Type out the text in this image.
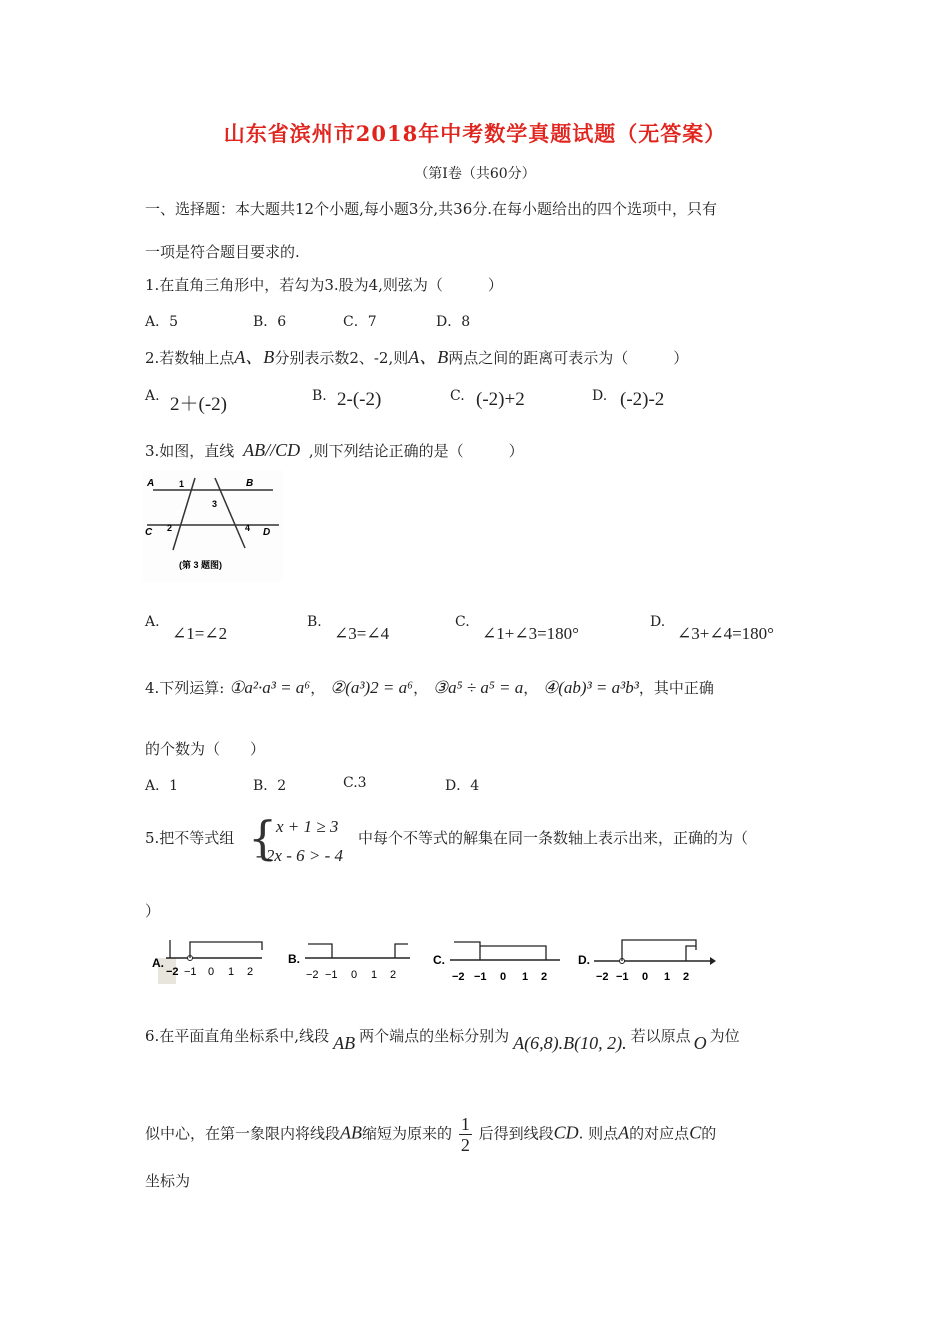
山东省滨州市2018年中考数学真题试题（无答案）
（第Ⅰ卷（共60分）
一、选择题：本大题共12个小题,每小题3分,共36分.在每小题给出的四个选项中，只有
一项是符合题目要求的.
1.在直角三角形中，若勾为3.股为4,则弦为（　　　）
A．5	B．6	C．7	D．8
2.若数轴上点A、B分别表示数2、-2,则A、B两点之间的距离可表示为（　　　）
A. 2＋(-2)	B. 2-(-2)	C. (-2)+2	D. (-2)-2
3.如图，直线 AB//CD ,则下列结论正确的是（　　　）
A	B
C	D
1
2
3
4
(第 3 题图)
A.
∠1=∠2
B.
∠3=∠4
C.
∠1+∠3=180°
D.
∠3+∠4=180°
4.下列运算: ①a²·a³ = a⁶， ②(a³)2 = a⁶， ③a⁵ ÷ a⁵ = a， ④(ab)³ = a³b³，其中正确
的个数为（　　）
A．1	B．2	C.3	D．4
5.把不等式组 {
x + 1 ≥ 3
- 2x - 6 > - 4
中每个不等式的解集在同一条数轴上表示出来，正确的为（
）
A.
−2 −1 0 1 2
B.
−2 −1 0 1 2
C.
−2 −1 0 1 2
D.
−2 −1 0 1 2
6.在平面直角坐标系中,线段 AB 两个端点的坐标分别为 A(6,8).B(10, 2). 若以原点 O 为位
似中心，在第一象限内将线段AB缩短为原来的 $\frac{1}{2}$ 后得到线段CD. 则点A的对应点C的
坐标为
